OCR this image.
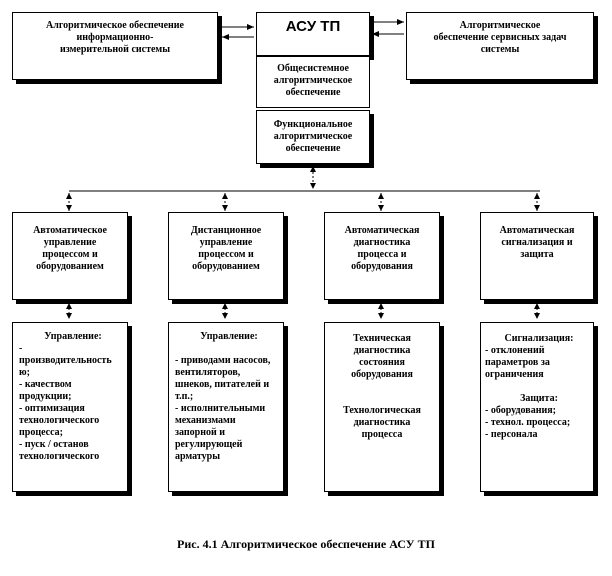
Алгоритмическое обеспечение
информационно-
измерительной системы
АСУ ТП
Общесистемное
алгоритмическое
обеспечение
Функциональное
алгоритмическое
обеспечение
Алгоритмическое
обеспечение сервисных задач
системы
Автоматическое
управление
процессом и
оборудованием
Дистанционное
управление
процессом и
оборудованием
Автоматическая
диагностика
процесса и
оборудования
Автоматическая
сигнализация и
защита
Управление:
-
производительность
ю;
- качеством
продукции;
- оптимизация
технологического
процесса;
- пуск / останов
технологического
Управление:
- приводами насосов,
вентиляторов,
шнеков, питателей и
т.п.;
- исполнительными
механизмами
запорной и
регулирующей
арматуры
Техническая
диагностика
состояния
оборудования
Технологическая
диагностика
процесса
Сигнализация:
- отклонений
параметров за
ограничения
Защита:
- оборудования;
- технол. процесса;
- персонала
Рис. 4.1 Алгоритмическое обеспечение АСУ ТП
